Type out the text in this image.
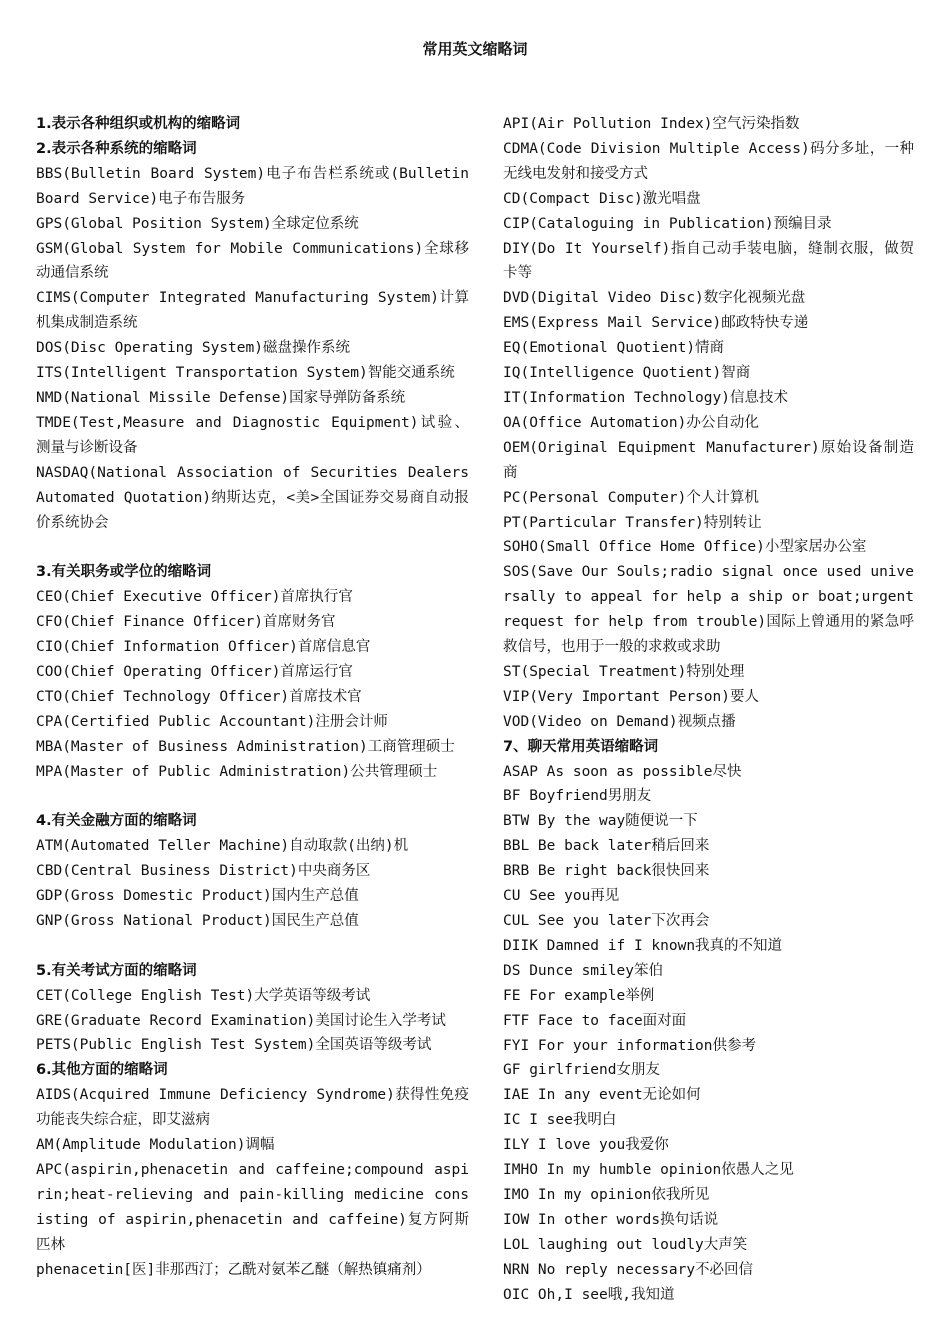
常用英文缩略词
1.表示各种组织或机构的缩略词
2.表示各种系统的缩略词
BBS(Bulletin Board System)电子布告栏系统或(Bulletin Board Service)电子布告服务
GPS(Global Position System)全球定位系统
GSM(Global System for Mobile Communications)全球移动通信系统
CIMS(Computer Integrated Manufacturing System)计算机集成制造系统
DOS(Disc Operating System)磁盘操作系统
ITS(Intelligent Transportation System)智能交通系统
NMD(National Missile Defense)国家导弹防备系统
TMDE(Test,Measure and Diagnostic Equipment)试验、测量与诊断设备
NASDAQ(National Association of Securities Dealers Automated Quotation)纳斯达克，<美>全国证券交易商自动报价系统协会
3.有关职务或学位的缩略词
CEO(Chief Executive Officer)首席执行官
CFO(Chief Finance Officer)首席财务官
CIO(Chief Information Officer)首席信息官
COO(Chief Operating Officer)首席运行官
CTO(Chief Technology Officer)首席技术官
CPA(Certified Public Accountant)注册会计师
MBA(Master of Business Administration)工商管理硕士
MPA(Master of Public Administration)公共管理硕士
4.有关金融方面的缩略词
ATM(Automated Teller Machine)自动取款(出纳)机
CBD(Central Business District)中央商务区
GDP(Gross Domestic Product)国内生产总值
GNP(Gross National Product)国民生产总值
5.有关考试方面的缩略词
CET(College English Test)大学英语等级考试
GRE(Graduate Record Examination)美国讨论生入学考试
PETS(Public English Test System)全国英语等级考试
6.其他方面的缩略词
AIDS(Acquired Immune Deficiency Syndrome)获得性免疫功能丧失综合症，即艾滋病
AM(Amplitude Modulation)调幅
APC(aspirin,phenacetin and caffeine;compound aspirin;heat-relieving and pain-killing medicine consisting of aspirin,phenacetin and caffeine)复方阿斯匹林
phenacetin[医]非那西汀；乙酰对氨苯乙醚（解热镇痛剂）
API(Air Pollution Index)空气污染指数
CDMA(Code Division Multiple Access)码分多址，一种无线电发射和接受方式
CD(Compact Disc)激光唱盘
CIP(Cataloguing in Publication)预编目录
DIY(Do It Yourself)指自己动手装电脑，缝制衣服，做贺卡等
DVD(Digital Video Disc)数字化视频光盘
EMS(Express Mail Service)邮政特快专递
EQ(Emotional Quotient)情商
IQ(Intelligence Quotient)智商
IT(Information Technology)信息技术
OA(Office Automation)办公自动化
OEM(Original Equipment Manufacturer)原始设备制造商
PC(Personal Computer)个人计算机
PT(Particular Transfer)特别转让
SOHO(Small Office Home Office)小型家居办公室
SOS(Save Our Souls;radio signal once used universally to appeal for help a ship or boat;urgent request for help from trouble)国际上曾通用的紧急呼救信号，也用于一般的求救或求助
ST(Special Treatment)特别处理
VIP(Very Important Person)要人
VOD(Video on Demand)视频点播
7、聊天常用英语缩略词
ASAP As soon as possible尽快
BF Boyfriend男朋友
BTW By the way随便说一下
BBL Be back later稍后回来
BRB Be right back很快回来
CU See you再见
CUL See you later下次再会
DIIK Damned if I known我真的不知道
DS Dunce smiley笨伯
FE For example举例
FTF Face to face面对面
FYI For your information供参考
GF girlfriend女朋友
IAE In any event无论如何
IC I see我明白
ILY I love you我爱你
IMHO In my humble opinion依愚人之见
IMO In my opinion依我所见
IOW In other words换句话说
LOL laughing out loudly大声笑
NRN No reply necessary不必回信
OIC Oh,I see哦,我知道
